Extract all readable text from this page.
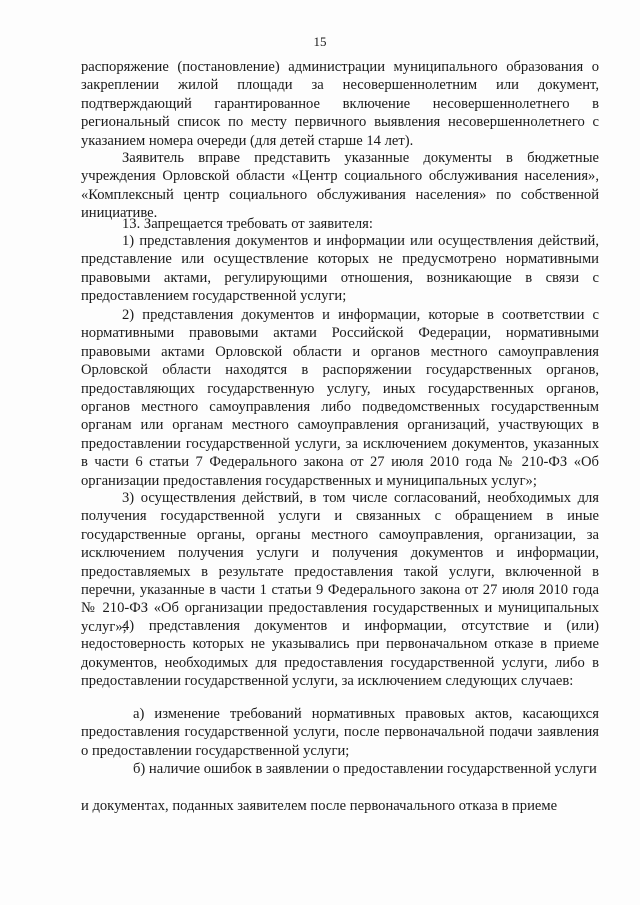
15

распоряжение (постановление) администрации муниципального образования о закреплении жилой площади за несовершеннолетним или документ, подтверждающий гарантированное включение несовершеннолетнего в региональный список по месту первичного выявления несовершеннолетнего с указанием номера очереди (для детей старше 14 лет).

Заявитель вправе представить указанные документы в бюджетные учреждения Орловской области «Центр социального обслуживания населения», «Комплексный центр социального обслуживания населения» по собственной инициативе.

13. Запрещается требовать от заявителя:

1) представления документов и информации или осуществления действий, представление или осуществление которых не предусмотрено нормативными правовыми актами, регулирующими отношения, возникающие в связи с предоставлением государственной услуги;

2) представления документов и информации, которые в соответствии с нормативными правовыми актами Российской Федерации, нормативными правовыми актами Орловской области и органов местного самоуправления Орловской области находятся в распоряжении государственных органов, предоставляющих государственную услугу, иных государственных органов, органов местного самоуправления либо подведомственных государственным органам или органам местного самоуправления организаций, участвующих в предоставлении государственной услуги, за исключением документов, указанных в части 6 статьи 7 Федерального закона от 27 июля 2010 года № 210-ФЗ «Об организации предоставления государственных и муниципальных услуг»;

3) осуществления действий, в том числе согласований, необходимых для получения государственной услуги и связанных с обращением в иные государственные органы, органы местного самоуправления, организации, за исключением получения услуги и получения документов и информации, предоставляемых в результате предоставления такой услуги, включенной в перечни, указанные в части 1 статьи 9 Федерального закона от 27 июля 2010 года № 210-ФЗ «Об организации предоставления государственных и муниципальных услуг»;

4) представления документов и информации, отсутствие и (или) недостоверность которых не указывались при первоначальном отказе в приеме документов, необходимых для предоставления государственной услуги, либо в предоставлении государственной услуги, за исключением следующих случаев:

а) изменение требований нормативных правовых актов, касающихся предоставления государственной услуги, после первоначальной подачи заявления о предоставлении государственной услуги;

б) наличие ошибок в заявлении о предоставлении государственной услуги

и документах, поданных заявителем после первоначального отказа в приеме
